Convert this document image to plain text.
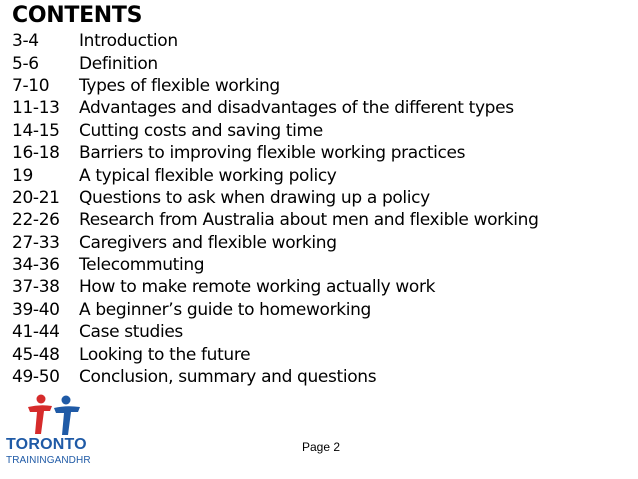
CONTENTS
3-4	Introduction
5-6	Definition
7-10	Types of flexible working
11-13	Advantages and disadvantages of the different types
14-15	Cutting costs and saving time
16-18	Barriers to improving flexible working practices
19	A typical flexible working policy
20-21	Questions to ask when drawing up a policy
22-26	Research from Australia about men and flexible working
27-33	Caregivers and flexible working
34-36	Telecommuting
37-38	How to make remote working actually work
39-40	A beginner’s guide to homeworking
41-44	Case studies
45-48	Looking to the future
49-50	Conclusion, summary and questions
TORONTO
TRAININGANDHR
Page 2
